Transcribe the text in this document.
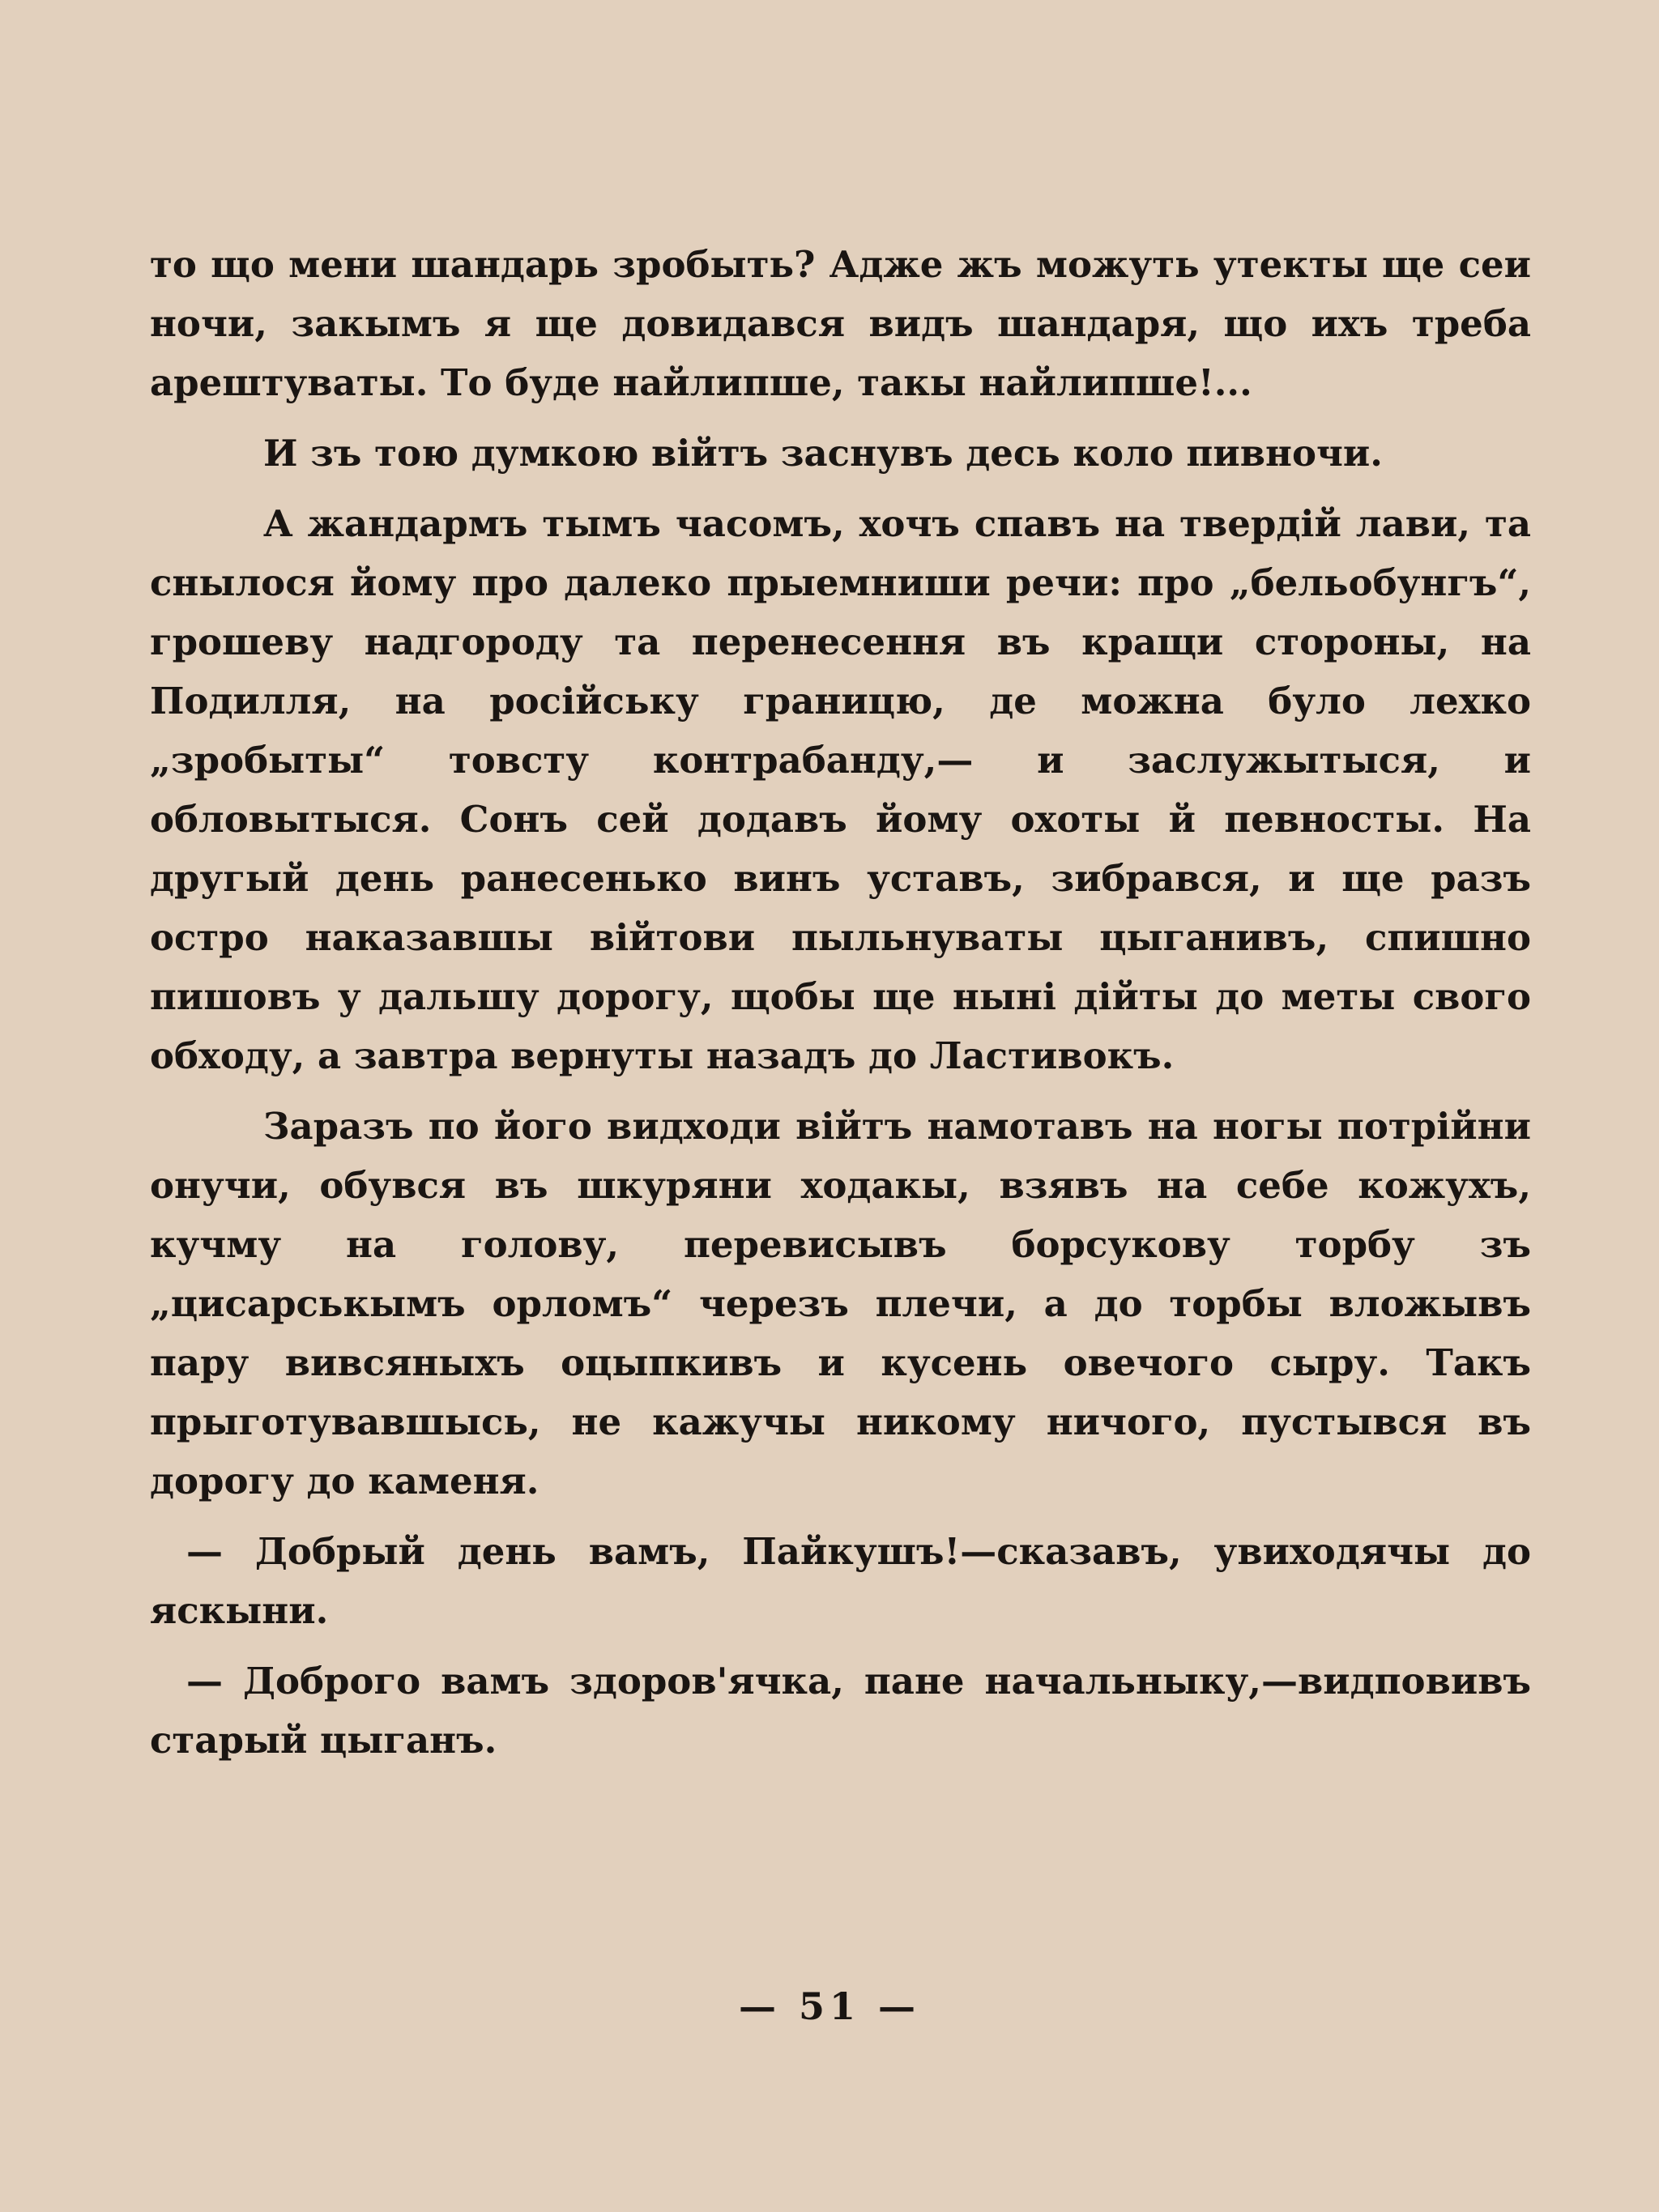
то що мени шандарь зробыть? Адже жъ можуть утекты ще сеи ночи, закымъ я ще довидався видъ шандаря, що ихъ треба арештуваты. То буде найлипше, такы найлипше!...

И зъ тою думкою вiйтъ заснувъ десь коло пивночи.

А жандармъ тымъ часомъ, хочъ спавъ на твердiй лави, та снылося йому про далеко прыемниши речи: про „бельобунгъ“, грошеву надгороду та перенесення въ кращи стороны, на Подилля, на росiйську границю, де можна було лехко „зробыты“ товсту контрабанду,— и заслужытыся, и обловытыся. Сонъ сей додавъ йому охоты й певносты. На другый день ранесенько винъ уставъ, зибрався, и ще разъ остро наказавшы вiйтови пыльнуваты цыганивъ, спишно пишовъ у дальшу дорогу, щобы ще нынi дiйты до меты свого обходу, а завтра вернуты назадъ до Ластивокъ.

Заразъ по його видходи вiйтъ намотавъ на ногы потрiйни онучи, обувся въ шкуряни ходакы, взявъ на себе кожухъ, кучму на голову, перевисывъ борсукову торбу зъ „цисарськымъ орломъ“ черезъ плечи, а до торбы вложывъ пару вивсяныхъ оцыпкивъ и кусень овечого сыру. Такъ прыготувавшысь, не кажучы никому ничого, пустывся въ дорогу до каменя.

— Добрый день вамъ, Пайкушъ!—сказавъ, увиходячы до яскыни.

— Доброго вамъ здоров'ячка, пане начальныку,—видповивъ старый цыганъ.

— 51 —
